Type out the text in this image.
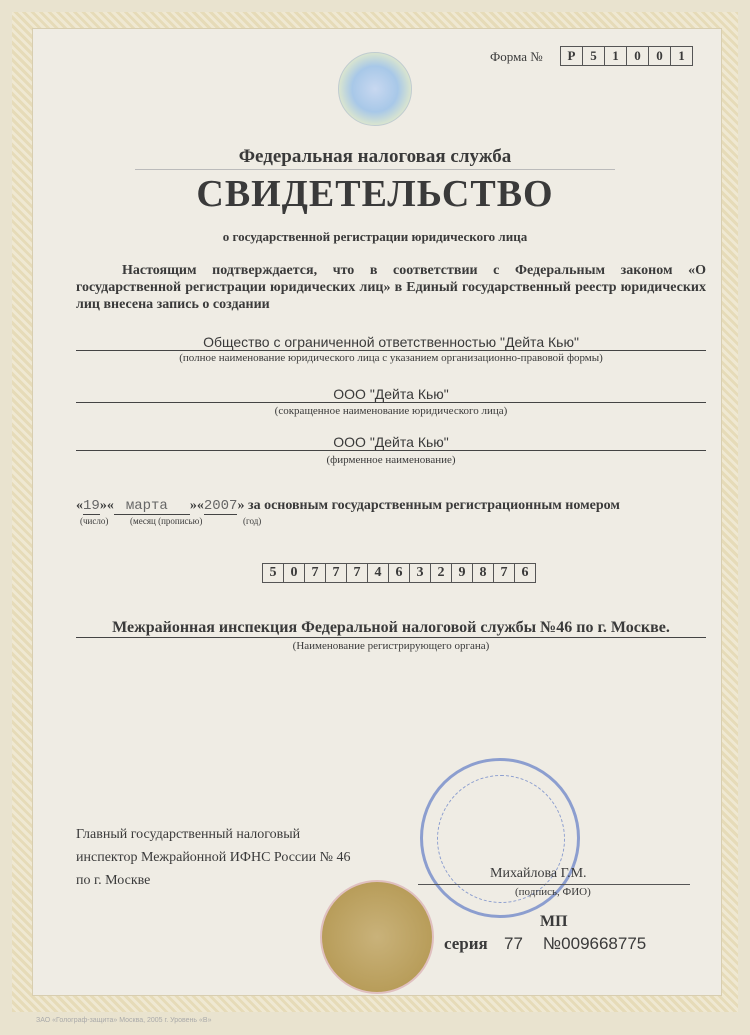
Форма №	Р	5	1	0	0	1
Федеральная налоговая служба
СВИДЕТЕЛЬСТВО
о государственной регистрации юридического лица
Настоящим подтверждается, что в соответствии с Федеральным законом «О государственной регистрации юридических лиц» в Единый государственный реестр юридических лиц внесена запись о создании
Общество с ограниченной ответственностью "Дейта Кью"
(полное наименование юридического лица с указанием организационно-правовой формы)
ООО "Дейта Кью"
(сокращенное наименование юридического лица)
ООО "Дейта Кью"
(фирменное наименование)
«19»« марта »«2007» за основным государственным регистрационным номером
(число) (месяц (прописью)	(год)
5	0	7	7	7	4	6	3	2	9	8	7	6
Межрайонная инспекция Федеральной налоговой службы №46 по г. Москве.
(Наименование регистрирующего органа)
Главный государственный налоговый
инспектор Межрайонной ИФНС России № 46
по г. Москве	Михайлова Г.М.
(подпись, ФИО)
МП
серия 77 №009668775
ЗАО «Голограф-защита» Москва, 2005 г. Уровень «В»
